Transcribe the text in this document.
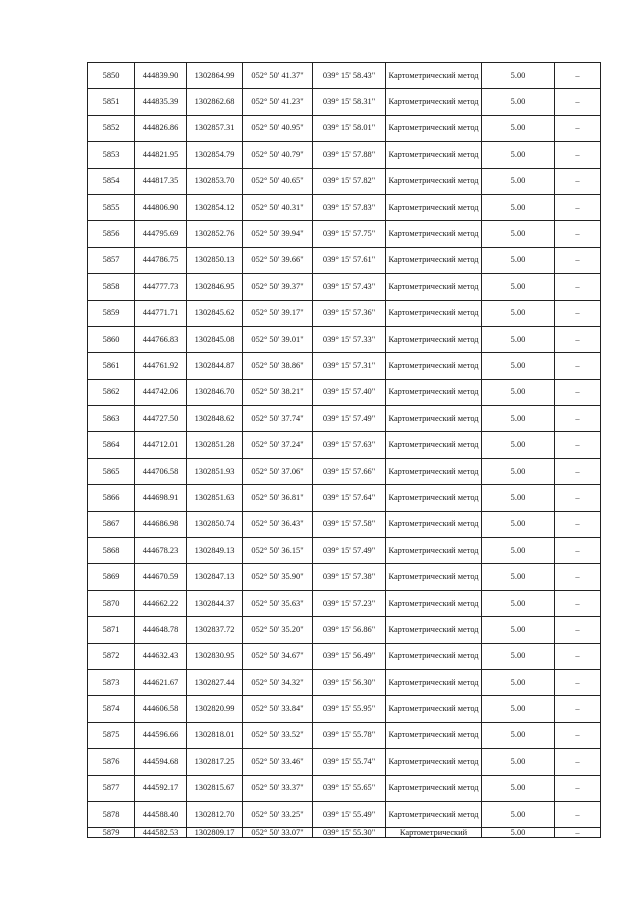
5850	444839.90	1302864.99	052° 50' 41.37"	039° 15' 58.43"	Картометрический метод	5.00	–
5851	444835.39	1302862.68	052° 50' 41.23"	039° 15' 58.31"	Картометрический метод	5.00	–
5852	444826.86	1302857.31	052° 50' 40.95"	039° 15' 58.01"	Картометрический метод	5.00	–
5853	444821.95	1302854.79	052° 50' 40.79"	039° 15' 57.88"	Картометрический метод	5.00	–
5854	444817.35	1302853.70	052° 50' 40.65"	039° 15' 57.82"	Картометрический метод	5.00	–
5855	444806.90	1302854.12	052° 50' 40.31"	039° 15' 57.83"	Картометрический метод	5.00	–
5856	444795.69	1302852.76	052° 50' 39.94"	039° 15' 57.75"	Картометрический метод	5.00	–
5857	444786.75	1302850.13	052° 50' 39.66"	039° 15' 57.61"	Картометрический метод	5.00	–
5858	444777.73	1302846.95	052° 50' 39.37"	039° 15' 57.43"	Картометрический метод	5.00	–
5859	444771.71	1302845.62	052° 50' 39.17"	039° 15' 57.36"	Картометрический метод	5.00	–
5860	444766.83	1302845.08	052° 50' 39.01"	039° 15' 57.33"	Картометрический метод	5.00	–
5861	444761.92	1302844.87	052° 50' 38.86"	039° 15' 57.31"	Картометрический метод	5.00	–
5862	444742.06	1302846.70	052° 50' 38.21"	039° 15' 57.40"	Картометрический метод	5.00	–
5863	444727.50	1302848.62	052° 50' 37.74"	039° 15' 57.49"	Картометрический метод	5.00	–
5864	444712.01	1302851.28	052° 50' 37.24"	039° 15' 57.63"	Картометрический метод	5.00	–
5865	444706.58	1302851.93	052° 50' 37.06"	039° 15' 57.66"	Картометрический метод	5.00	–
5866	444698.91	1302851.63	052° 50' 36.81"	039° 15' 57.64"	Картометрический метод	5.00	–
5867	444686.98	1302850.74	052° 50' 36.43"	039° 15' 57.58"	Картометрический метод	5.00	–
5868	444678.23	1302849.13	052° 50' 36.15"	039° 15' 57.49"	Картометрический метод	5.00	–
5869	444670.59	1302847.13	052° 50' 35.90"	039° 15' 57.38"	Картометрический метод	5.00	–
5870	444662.22	1302844.37	052° 50' 35.63"	039° 15' 57.23"	Картометрический метод	5.00	–
5871	444648.78	1302837.72	052° 50' 35.20"	039° 15' 56.86"	Картометрический метод	5.00	–
5872	444632.43	1302830.95	052° 50' 34.67"	039° 15' 56.49"	Картометрический метод	5.00	–
5873	444621.67	1302827.44	052° 50' 34.32"	039° 15' 56.30"	Картометрический метод	5.00	–
5874	444606.58	1302820.99	052° 50' 33.84"	039° 15' 55.95"	Картометрический метод	5.00	–
5875	444596.66	1302818.01	052° 50' 33.52"	039° 15' 55.78"	Картометрический метод	5.00	–
5876	444594.68	1302817.25	052° 50' 33.46"	039° 15' 55.74"	Картометрический метод	5.00	–
5877	444592.17	1302815.67	052° 50' 33.37"	039° 15' 55.65"	Картометрический метод	5.00	–
5878	444588.40	1302812.70	052° 50' 33.25"	039° 15' 55.49"	Картометрический метод	5.00	–
5879	444582.53	1302809.17	052° 50' 33.07"	039° 15' 55.30"	Картометрический	5.00	–
